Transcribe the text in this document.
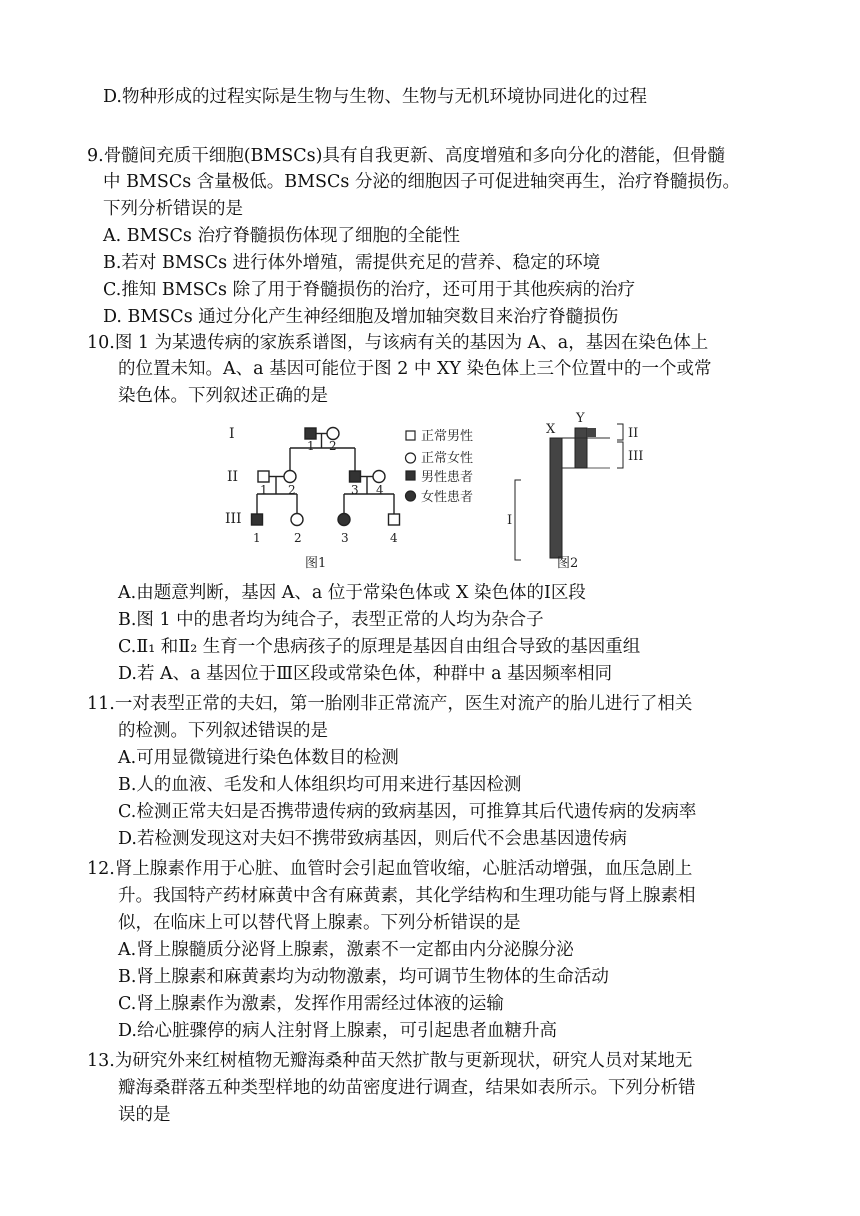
D.物种形成的过程实际是生物与生物、生物与无机环境协同进化的过程
9.骨髓间充质干细胞(BMSCs)具有自我更新、高度增殖和多向分化的潜能，但骨髓
中 BMSCs 含量极低。BMSCs 分泌的细胞因子可促进轴突再生，治疗脊髓损伤。
下列分析错误的是
A. BMSCs 治疗脊髓损伤体现了细胞的全能性
B.若对 BMSCs 进行体外增殖，需提供充足的营养、稳定的环境
C.推知 BMSCs 除了用于脊髓损伤的治疗，还可用于其他疾病的治疗
D. BMSCs 通过分化产生神经细胞及增加轴突数目来治疗脊髓损伤
10.图 1 为某遗传病的家族系谱图，与该病有关的基因为 A、a，基因在染色体上
的位置未知。A、a 基因可能位于图 2 中 XY 染色体上三个位置中的一个或常
染色体。下列叙述正确的是
I
II
III
1 2
1 2	3 4
1	2	3	4
图1
正常男性
正常女性
男性患者
女性患者
X
Y
I
II
III
图2
A.由题意判断，基因 A、a 位于常染色体或 X 染色体的Ⅰ区段
B.图 1 中的患者均为纯合子，表型正常的人均为杂合子
C.Ⅱ₁ 和Ⅱ₂ 生育一个患病孩子的原理是基因自由组合导致的基因重组
D.若 A、a 基因位于Ⅲ区段或常染色体，种群中 a 基因频率相同
11.一对表型正常的夫妇，第一胎刚非正常流产，医生对流产的胎儿进行了相关
的检测。下列叙述错误的是
A.可用显微镜进行染色体数目的检测
B.人的血液、毛发和人体组织均可用来进行基因检测
C.检测正常夫妇是否携带遗传病的致病基因，可推算其后代遗传病的发病率
D.若检测发现这对夫妇不携带致病基因，则后代不会患基因遗传病
12.肾上腺素作用于心脏、血管时会引起血管收缩，心脏活动增强，血压急剧上
升。我国特产药材麻黄中含有麻黄素，其化学结构和生理功能与肾上腺素相
似，在临床上可以替代肾上腺素。下列分析错误的是
A.肾上腺髓质分泌肾上腺素，激素不一定都由内分泌腺分泌
B.肾上腺素和麻黄素均为动物激素，均可调节生物体的生命活动
C.肾上腺素作为激素，发挥作用需经过体液的运输
D.给心脏骤停的病人注射肾上腺素，可引起患者血糖升高
13.为研究外来红树植物无瓣海桑种苗天然扩散与更新现状，研究人员对某地无
瓣海桑群落五种类型样地的幼苗密度进行调查，结果如表所示。下列分析错
误的是
